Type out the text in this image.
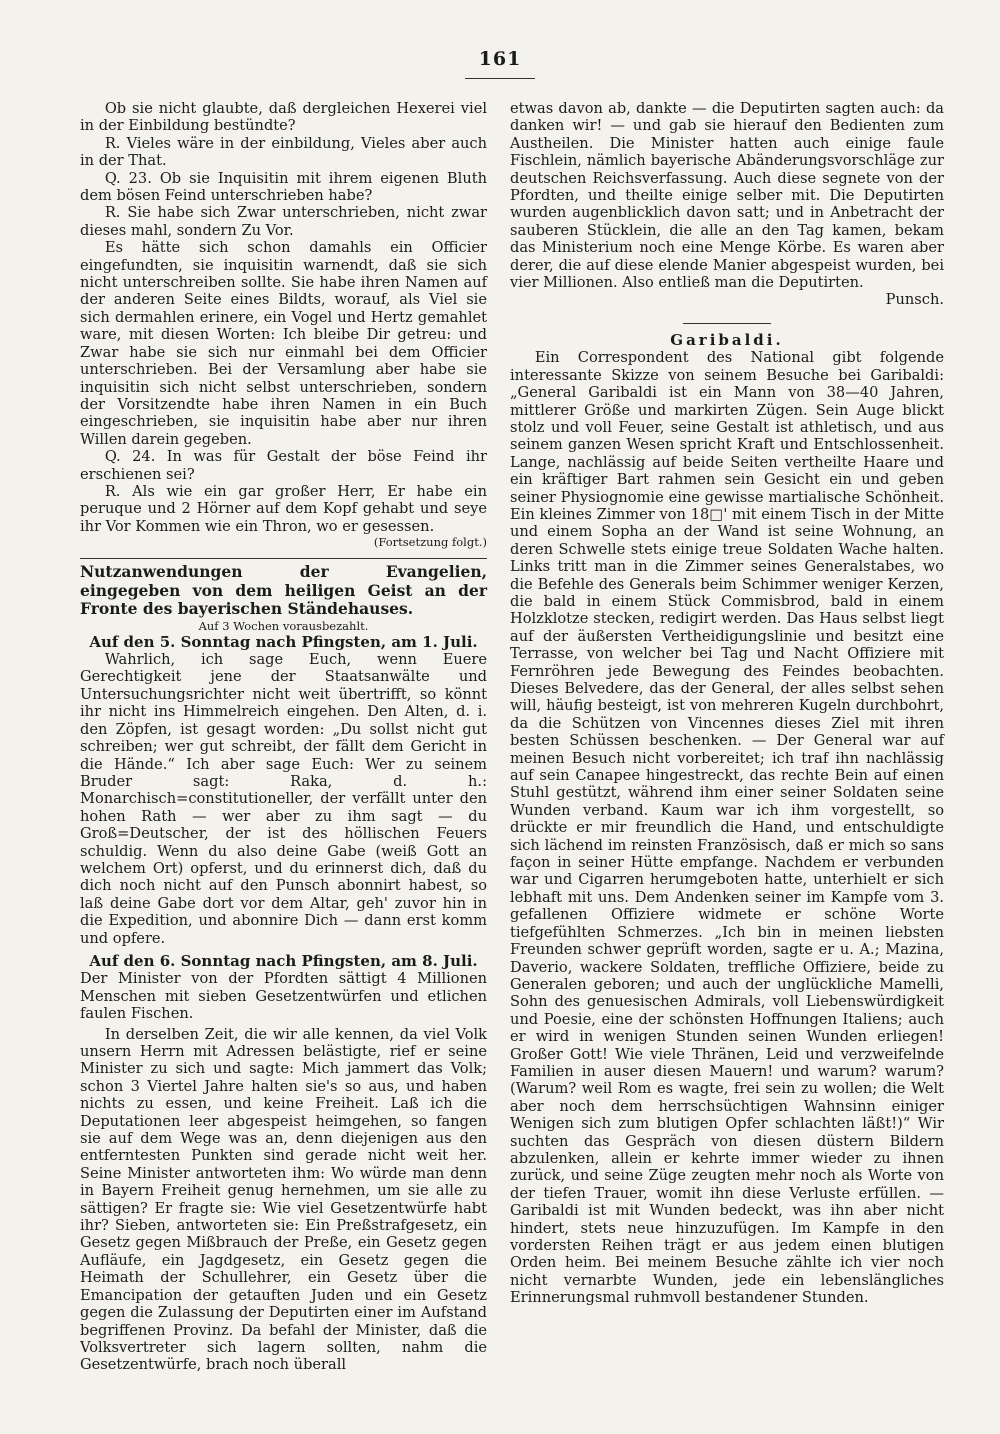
161

Ob sie nicht glaubte, daß dergleichen Hexerei viel in der Einbildung bestündte?

R. Vieles wäre in der einbildung, Vieles aber auch in der That.

Q. 23. Ob sie Inquisitin mit ihrem eigenen Bluth dem bösen Feind unterschrieben habe?

R. Sie habe sich Zwar unterschrieben, nicht zwar dieses mahl, sondern Zu Vor.

Es hätte sich schon damahls ein Officier eingefundten, sie inquisitin warnendt, daß sie sich nicht unterschreiben sollte. Sie habe ihren Namen auf der anderen Seite eines Bildts, worauf, als Viel sie sich dermahlen erinere, ein Vogel und Hertz gemahlet ware, mit diesen Worten: Ich bleibe Dir getreu: und Zwar habe sie sich nur einmahl bei dem Officier unterschrieben. Bei der Versamlung aber habe sie inquisitin sich nicht selbst unterschrieben, sondern der Vorsitzendte habe ihren Namen in ein Buch eingeschrieben, sie inquisitin habe aber nur ihren Willen darein gegeben.

Q. 24. In was für Gestalt der böse Feind ihr erschienen sei?

R. Als wie ein gar großer Herr, Er habe ein peruque und 2 Hörner auf dem Kopf gehabt und seye ihr Vor Kommen wie ein Thron, wo er gesessen.

(Fortsetzung folgt.)

Nutzanwendungen der Evangelien, eingegeben von dem heiligen Geist an der Fronte des bayerischen Ständehauses.

Auf 3 Wochen vorausbezahlt.

Auf den 5. Sonntag nach Pfingsten, am 1. Juli.

Wahrlich, ich sage Euch, wenn Euere Gerechtigkeit jene der Staatsanwälte und Untersuchungsrichter nicht weit übertrifft, so könnt ihr nicht ins Himmelreich eingehen. Den Alten, d. i. den Zöpfen, ist gesagt worden: „Du sollst nicht gut schreiben; wer gut schreibt, der fällt dem Gericht in die Hände.“ Ich aber sage Euch: Wer zu seinem Bruder sagt: Raka, d. h.: Monarchisch=constitutioneller, der verfällt unter den hohen Rath — wer aber zu ihm sagt — du Groß=Deutscher, der ist des höllischen Feuers schuldig. Wenn du also deine Gabe (weiß Gott an welchem Ort) opferst, und du erinnerst dich, daß du dich noch nicht auf den Punsch abonnirt habest, so laß deine Gabe dort vor dem Altar, geh' zuvor hin in die Expedition, und abonnire Dich — dann erst komm und opfere.

Auf den 6. Sonntag nach Pfingsten, am 8. Juli.

Der Minister von der Pfordten sättigt 4 Millionen Menschen mit sieben Gesetzentwürfen und etlichen faulen Fischen.

In derselben Zeit, die wir alle kennen, da viel Volk unsern Herrn mit Adressen belästigte, rief er seine Minister zu sich und sagte: Mich jammert das Volk; schon 3 Viertel Jahre halten sie's so aus, und haben nichts zu essen, und keine Freiheit. Laß ich die Deputationen leer abgespeist heimgehen, so fangen sie auf dem Wege was an, denn diejenigen aus den entferntesten Punkten sind gerade nicht weit her. Seine Minister antworteten ihm: Wo würde man denn in Bayern Freiheit genug hernehmen, um sie alle zu sättigen? Er fragte sie: Wie viel Gesetzentwürfe habt ihr? Sieben, antworteten sie: Ein Preßstrafgesetz, ein Gesetz gegen Mißbrauch der Preße, ein Gesetz gegen Aufläufe, ein Jagdgesetz, ein Gesetz gegen die Heimath der Schullehrer, ein Gesetz über die Emancipation der getauften Juden und ein Gesetz gegen die Zulassung der Deputirten einer im Aufstand begriffenen Provinz. Da befahl der Minister, daß die Volksvertreter sich lagern sollten, nahm die Gesetzentwürfe, brach noch überall

etwas davon ab, dankte — die Deputirten sagten auch: da danken wir! — und gab sie hierauf den Bedienten zum Austheilen. Die Minister hatten auch einige faule Fischlein, nämlich bayerische Abänderungsvorschläge zur deutschen Reichsverfassung. Auch diese segnete von der Pfordten, und theilte einige selber mit. Die Deputirten wurden augenblicklich davon satt; und in Anbetracht der sauberen Stücklein, die alle an den Tag kamen, bekam das Ministerium noch eine Menge Körbe. Es waren aber derer, die auf diese elende Manier abgespeist wurden, bei vier Millionen. Also entließ man die Deputirten.

Punsch.

Garibaldi.

Ein Correspondent des National gibt folgende interessante Skizze von seinem Besuche bei Garibaldi: „General Garibaldi ist ein Mann von 38—40 Jahren, mittlerer Größe und markirten Zügen. Sein Auge blickt stolz und voll Feuer, seine Gestalt ist athletisch, und aus seinem ganzen Wesen spricht Kraft und Entschlossenheit. Lange, nachlässig auf beide Seiten vertheilte Haare und ein kräftiger Bart rahmen sein Gesicht ein und geben seiner Physiognomie eine gewisse martialische Schönheit. Ein kleines Zimmer von 18□' mit einem Tisch in der Mitte und einem Sopha an der Wand ist seine Wohnung, an deren Schwelle stets einige treue Soldaten Wache halten. Links tritt man in die Zimmer seines Generalstabes, wo die Befehle des Generals beim Schimmer weniger Kerzen, die bald in einem Stück Commisbrod, bald in einem Holzklotze stecken, redigirt werden. Das Haus selbst liegt auf der äußersten Vertheidigungslinie und besitzt eine Terrasse, von welcher bei Tag und Nacht Offiziere mit Fernröhren jede Bewegung des Feindes beobachten. Dieses Belvedere, das der General, der alles selbst sehen will, häufig besteigt, ist von mehreren Kugeln durchbohrt, da die Schützen von Vincennes dieses Ziel mit ihren besten Schüssen beschenken. — Der General war auf meinen Besuch nicht vorbereitet; ich traf ihn nachlässig auf sein Canapee hingestreckt, das rechte Bein auf einen Stuhl gestützt, während ihm einer seiner Soldaten seine Wunden verband. Kaum war ich ihm vorgestellt, so drückte er mir freundlich die Hand, und entschuldigte sich lächend im reinsten Französisch, daß er mich so sans façon in seiner Hütte empfange. Nachdem er verbunden war und Cigarren herumgeboten hatte, unterhielt er sich lebhaft mit uns. Dem Andenken seiner im Kampfe vom 3. gefallenen Offiziere widmete er schöne Worte tiefgefühlten Schmerzes. „Ich bin in meinen liebsten Freunden schwer geprüft worden, sagte er u. A.; Mazina, Daverio, wackere Soldaten, treffliche Offiziere, beide zu Generalen geboren; und auch der unglückliche Mamelli, Sohn des genuesischen Admirals, voll Liebenswürdigkeit und Poesie, eine der schönsten Hoffnungen Italiens; auch er wird in wenigen Stunden seinen Wunden erliegen! Großer Gott! Wie viele Thränen, Leid und verzweifelnde Familien in auser diesen Mauern! und warum? warum? (Warum? weil Rom es wagte, frei sein zu wollen; die Welt aber noch dem herrschsüchtigen Wahnsinn einiger Wenigen sich zum blutigen Opfer schlachten läßt!)“ Wir suchten das Gespräch von diesen düstern Bildern abzulenken, allein er kehrte immer wieder zu ihnen zurück, und seine Züge zeugten mehr noch als Worte von der tiefen Trauer, womit ihn diese Verluste erfüllen. — Garibaldi ist mit Wunden bedeckt, was ihn aber nicht hindert, stets neue hinzuzufügen. Im Kampfe in den vordersten Reihen trägt er aus jedem einen blutigen Orden heim. Bei meinem Besuche zählte ich vier noch nicht vernarbte Wunden, jede ein lebenslängliches Erinnerungsmal ruhmvoll bestandener Stunden.
